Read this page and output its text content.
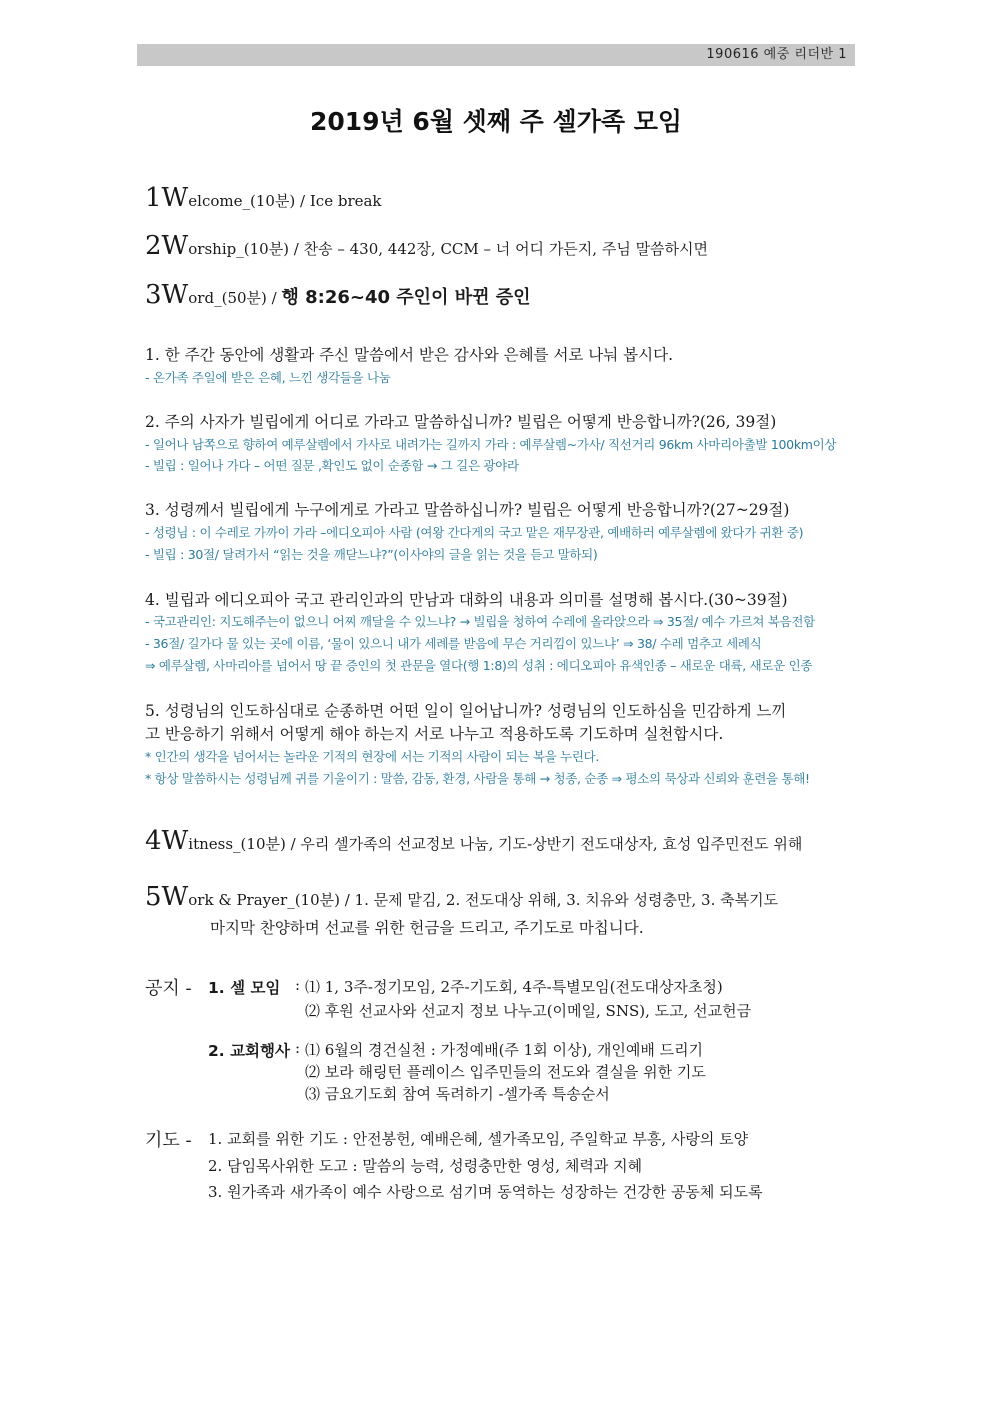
190616 예중 리더반 1
2019년 6월 셋째 주 셀가족 모임
1Welcome_(10분) / Ice break
2Worship_(10분) / 찬송 – 430, 442장, CCM – 너 어디 가든지, 주님 말씀하시면
3Word_(50분) / 행 8:26~40 주인이 바뀐 증인
1. 한 주간 동안에 생활과 주신 말씀에서 받은 감사와 은혜를 서로 나눠 봅시다.
- 온가족 주일에 받은 은혜, 느낀 생각들을 나눔
2. 주의 사자가 빌립에게 어디로 가라고 말씀하십니까? 빌립은 어떻게 반응합니까?(26, 39절)
- 일어나 남쪽으로 향하여 예루살렘에서 가사로 내려가는 길까지 가라 : 예루살렘~가사/ 직선거리 96km 사마리아출발 100km이상
- 빌립 : 일어나 가다 – 어떤 질문 ,확인도 없이 순종함 → 그 길은 광야라
3. 성령께서 빌립에게 누구에게로 가라고 말씀하십니까? 빌립은 어떻게 반응합니까?(27~29절)
- 성령님 : 이 수레로 가까이 가라 –에디오피아 사람 (여왕 간다게의 국고 맡은 재무장관, 예배하러 예루살렘에 왔다가 귀환 중)
- 빌립 : 30절/ 달려가서 “읽는 것을 깨닫느냐?”(이사야의 글을 읽는 것을 듣고 말하되)
4. 빌립과 에디오피아 국고 관리인과의 만남과 대화의 내용과 의미를 설명해 봅시다.(30~39절)
- 국고관리인: 지도해주는이 없으니 어찌 깨달을 수 있느냐? → 빌립을 청하여 수레에 올라앉으라 ⇒ 35절/ 예수 가르쳐 복음전함
- 36절/ 길가다 물 있는 곳에 이름, ‘물이 있으니 내가 세례를 받음에 무슨 거리낌이 있느냐’ ⇒ 38/ 수레 멈추고 세례식
⇒ 예루살렘, 사마리아를 넘어서 땅 끝 증인의 첫 관문을 열다(행 1:8)의 성취 : 에디오피아 유색인종 – 새로운 대륙, 새로운 인종
5. 성령님의 인도하심대로 순종하면 어떤 일이 일어납니까? 성령님의 인도하심을 민감하게 느끼
고 반응하기 위해서 어떻게 해야 하는지 서로 나누고 적용하도록 기도하며 실천합시다.
* 인간의 생각을 넘어서는 놀라운 기적의 현장에 서는 기적의 사람이 되는 복을 누린다.
* 항상 말씀하시는 성령님께 귀를 기울이기 : 말씀, 감동, 환경, 사람을 통해 → 청종, 순종 ⇒ 평소의 묵상과 신뢰와 훈련을 통해!
4Witness_(10분) / 우리 셀가족의 선교정보 나눔, 기도-상반기 전도대상자, 효성 입주민전도 위해
5Work & Prayer_(10분) / 1. 문제 맡김, 2. 전도대상 위해, 3. 치유와 성령충만, 3. 축복기도
마지막 찬양하며 선교를 위한 헌금을 드리고, 주기도로 마칩니다.
공지 - 1. 셀 모임 : ⑴ 1, 3주-정기모임, 2주-기도회, 4주-특별모임(전도대상자초청)
⑵ 후원 선교사와 선교지 정보 나누고(이메일, SNS), 도고, 선교헌금
2. 교회행사 : ⑴ 6월의 경건실천 : 가정예배(주 1회 이상), 개인예배 드리기
⑵ 보라 해링턴 플레이스 입주민들의 전도와 결실을 위한 기도
⑶ 금요기도회 참여 독려하기 -셀가족 특송순서
기도 - 1. 교회를 위한 기도 : 안전봉헌, 예배은혜, 셀가족모임, 주일학교 부흥, 사랑의 토양
2. 담임목사위한 도고 : 말씀의 능력, 성령충만한 영성, 체력과 지혜
3. 원가족과 새가족이 예수 사랑으로 섬기며 동역하는 성장하는 건강한 공동체 되도록
